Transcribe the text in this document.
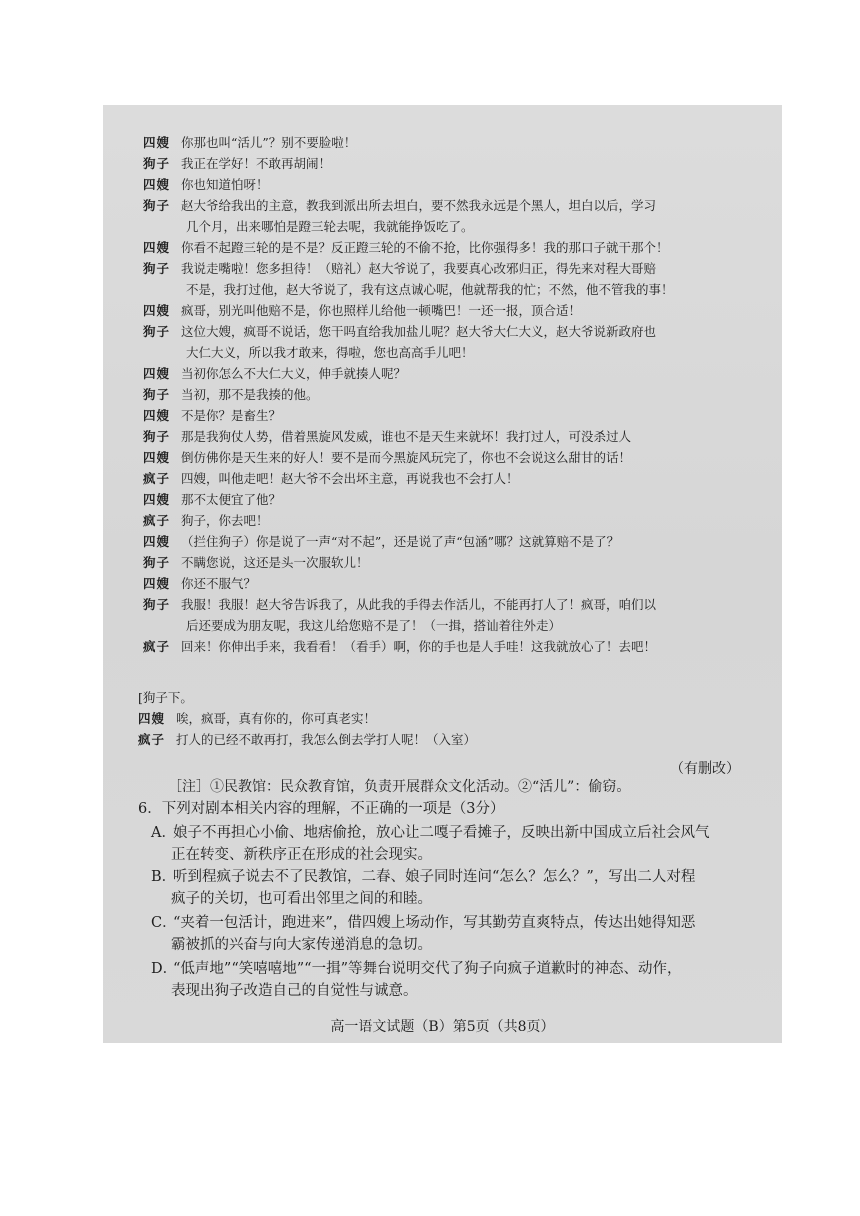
四嫂 你那也叫“活儿”？别不要脸啦！
狗子 我正在学好！不敢再胡闹！
四嫂 你也知道怕呀！
狗子 赵大爷给我出的主意，教我到派出所去坦白，要不然我永远是个黑人，坦白以后，学习
几个月，出来哪怕是蹬三轮去呢，我就能挣饭吃了。
四嫂 你看不起蹬三轮的是不是？反正蹬三轮的不偷不抢，比你强得多！我的那口子就干那个！
狗子 我说走嘴啦！您多担待！（赔礼）赵大爷说了，我要真心改邪归正，得先来对程大哥赔
不是，我打过他，赵大爷说了，我有这点诚心呢，他就帮我的忙；不然，他不管我的事！
四嫂 疯哥，别光叫他赔不是，你也照样儿给他一顿嘴巴！一还一报，顶合适！
狗子 这位大嫂，疯哥不说话，您干吗直给我加盐儿呢？赵大爷大仁大义，赵大爷说新政府也
大仁大义，所以我才敢来，得啦，您也高高手儿吧！
四嫂 当初你怎么不大仁大义，伸手就揍人呢？
狗子 当初，那不是我揍的他。
四嫂 不是你？是畜生？
狗子 那是我狗仗人势，借着黑旋风发威，谁也不是天生来就坏！我打过人，可没杀过人
四嫂 倒仿佛你是天生来的好人！要不是而今黑旋风玩完了，你也不会说这么甜甘的话！
疯子 四嫂，叫他走吧！赵大爷不会出坏主意，再说我也不会打人！
四嫂 那不太便宜了他？
疯子 狗子，你去吧！
四嫂 （拦住狗子）你是说了一声“对不起”，还是说了声“包涵”哪？这就算赔不是了？
狗子 不瞒您说，这还是头一次服软儿！
四嫂 你还不服气？
狗子 我服！我服！赵大爷告诉我了，从此我的手得去作活儿，不能再打人了！疯哥，咱们以
后还要成为朋友呢，我这儿给您赔不是了！（一揖，搭讪着往外走）
疯子 回来！你伸出手来，我看看！（看手）啊，你的手也是人手哇！这我就放心了！去吧！
[狗子下。
四嫂 唉，疯哥，真有你的，你可真老实！
疯子 打人的已经不敢再打，我怎么倒去学打人呢！（入室）
（有删改）
［注］①民教馆：民众教育馆，负责开展群众文化活动。②“活儿”：偷窃。
6．下列对剧本相关内容的理解，不正确的一项是（3分）
A．娘子不再担心小偷、地痞偷抢，放心让二嘎子看摊子，反映出新中国成立后社会风气
正在转变、新秩序正在形成的社会现实。
B．听到程疯子说去不了民教馆，二春、娘子同时连问“怎么？怎么？”，写出二人对程
疯子的关切，也可看出邻里之间的和睦。
C．“夹着一包活计，跑进来”，借四嫂上场动作，写其勤劳直爽特点，传达出她得知恶
霸被抓的兴奋与向大家传递消息的急切。
D．“低声地”“笑嘻嘻地”“一揖”等舞台说明交代了狗子向疯子道歉时的神态、动作，
表现出狗子改造自己的自觉性与诚意。
高一语文试题（B）第5页（共8页）
